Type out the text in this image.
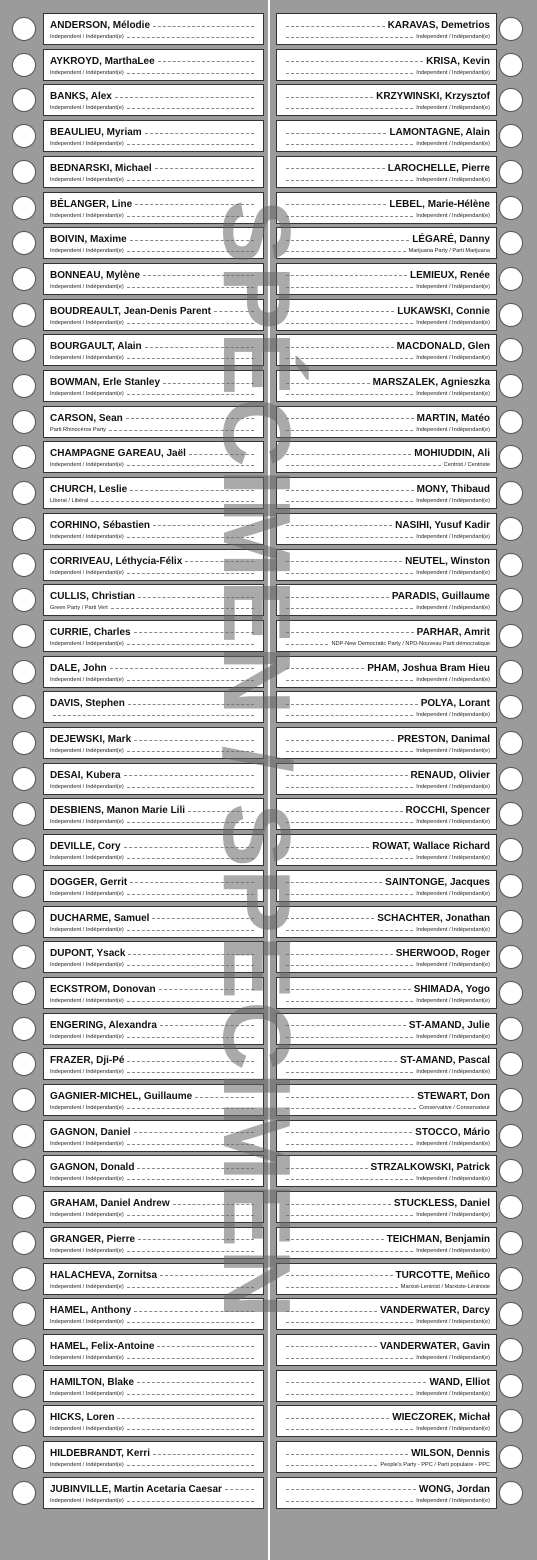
ANDERSON, Mélodie
Independent / Indépendant(e)
AYKROYD, MarthaLee
Independent / Indépendant(e)
BANKS, Alex
Independent / Indépendant(e)
BEAULIEU, Myriam
Independent / Indépendant(e)
BEDNARSKI, Michael
Independent / Indépendant(e)
BÉLANGER, Line
Independent / Indépendant(e)
BOIVIN, Maxime
Independent / Indépendant(e)
BONNEAU, Mylène
Independent / Indépendant(e)
BOUDREAULT, Jean-Denis Parent
Independent / Indépendant(e)
BOURGAULT, Alain
Independent / Indépendant(e)
BOWMAN, Erle Stanley
Independent / Indépendant(e)
CARSON, Sean
Parti Rhinocéros Party
CHAMPAGNE GAREAU, Jaël
Independent / Indépendant(e)
CHURCH, Leslie
Liberal / Libéral
CORHINO, Sébastien
Independent / Indépendant(e)
CORRIVEAU, Léthycia-Félix
Independent / Indépendant(e)
CULLIS, Christian
Green Party / Parti Vert
CURRIE, Charles
Independent / Indépendant(e)
DALE, John
Independent / Indépendant(e)
DAVIS, Stephen
DEJEWSKI, Mark
Independent / Indépendant(e)
DESAI, Kubera
Independent / Indépendant(e)
DESBIENS, Manon Marie Lili
Independent / Indépendant(e)
DEVILLE, Cory
Independent / Indépendant(e)
DOGGER, Gerrit
Independent / Indépendant(e)
DUCHARME, Samuel
Independent / Indépendant(e)
DUPONT, Ysack
Independent / Indépendant(e)
ECKSTROM, Donovan
Independent / Indépendant(e)
ENGERING, Alexandra
Independent / Indépendant(e)
FRAZER, Dji-Pé
Independent / Indépendant(e)
GAGNIER-MICHEL, Guillaume
Independent / Indépendant(e)
GAGNON, Daniel
Independent / Indépendant(e)
GAGNON, Donald
Independent / Indépendant(e)
GRAHAM, Daniel Andrew
Independent / Indépendant(e)
GRANGER, Pierre
Independent / Indépendant(e)
HALACHEVA, Zornitsa
Independent / Indépendant(e)
HAMEL, Anthony
Independent / Indépendant(e)
HAMEL, Felix-Antoine
Independent / Indépendant(e)
HAMILTON, Blake
Independent / Indépendant(e)
HICKS, Loren
Independent / Indépendant(e)
HILDEBRANDT, Kerri
Independent / Indépendant(e)
JUBINVILLE, Martin Acetaria Caesar
Independent / Indépendant(e)
KARAVAS, Demetrios
Independent / Indépendant(e)
KRISA, Kevin
Independent / Indépendant(e)
KRZYWINSKI, Krzysztof
Independent / Indépendant(e)
LAMONTAGNE, Alain
Independent / Indépendant(e)
LAROCHELLE, Pierre
Independent / Indépendant(e)
LEBEL, Marie-Hélène
Independent / Indépendant(e)
LÉGARÉ, Danny
Marijuana Party / Parti Marijuana
LEMIEUX, Renée
Independent / Indépendant(e)
LUKAWSKI, Connie
Independent / Indépendant(e)
MACDONALD, Glen
Independent / Indépendant(e)
MARSZALEK, Agnieszka
Independent / Indépendant(e)
MARTIN, Matéo
Independent / Indépendant(e)
MOHIUDDIN, Ali
Centrist / Centriste
MONY, Thibaud
Independent / Indépendant(e)
NASIHI, Yusuf Kadir
Independent / Indépendant(e)
NEUTEL, Winston
Independent / Indépendant(e)
PARADIS, Guillaume
Independent / Indépendant(e)
PARHAR, Amrit
NDP-New Democratic Party / NPD-Nouveau Parti démocratique
PHAM, Joshua Bram Hieu
Independent / Indépendant(e)
POLYA, Lorant
Independent / Indépendant(e)
PRESTON, Danimal
Independent / Indépendant(e)
RENAUD, Olivier
Independent / Indépendant(e)
ROCCHI, Spencer
Independent / Indépendant(e)
ROWAT, Wallace Richard
Independent / Indépendant(e)
SAINTONGE, Jacques
Independent / Indépendant(e)
SCHACHTER, Jonathan
Independent / Indépendant(e)
SHERWOOD, Roger
Independent / Indépendant(e)
SHIMADA, Yogo
Independent / Indépendant(e)
ST-AMAND, Julie
Independent / Indépendant(e)
ST-AMAND, Pascal
Independent / Indépendant(e)
STEWART, Don
Conservative / Conservateur
STOCCO, Mário
Independent / Indépendant(e)
STRZALKOWSKI, Patrick
Independent / Indépendant(e)
STUCKLESS, Daniel
Independent / Indépendant(e)
TEICHMAN, Benjamin
Independent / Indépendant(e)
TURCOTTE, Meñico
Marxist-Leninist / Marxiste-Léniniste
VANDERWATER, Darcy
Independent / Indépendant(e)
VANDERWATER, Gavin
Independent / Indépendant(e)
WAND, Elliot
Independent / Indépendant(e)
WIECZOREK, Michał
Independent / Indépendant(e)
WILSON, Dennis
People's Party - PPC / Parti populaire - PPC
WONG, Jordan
Independent / Indépendant(e)
SPÉCIMEN / SPECIMEN
